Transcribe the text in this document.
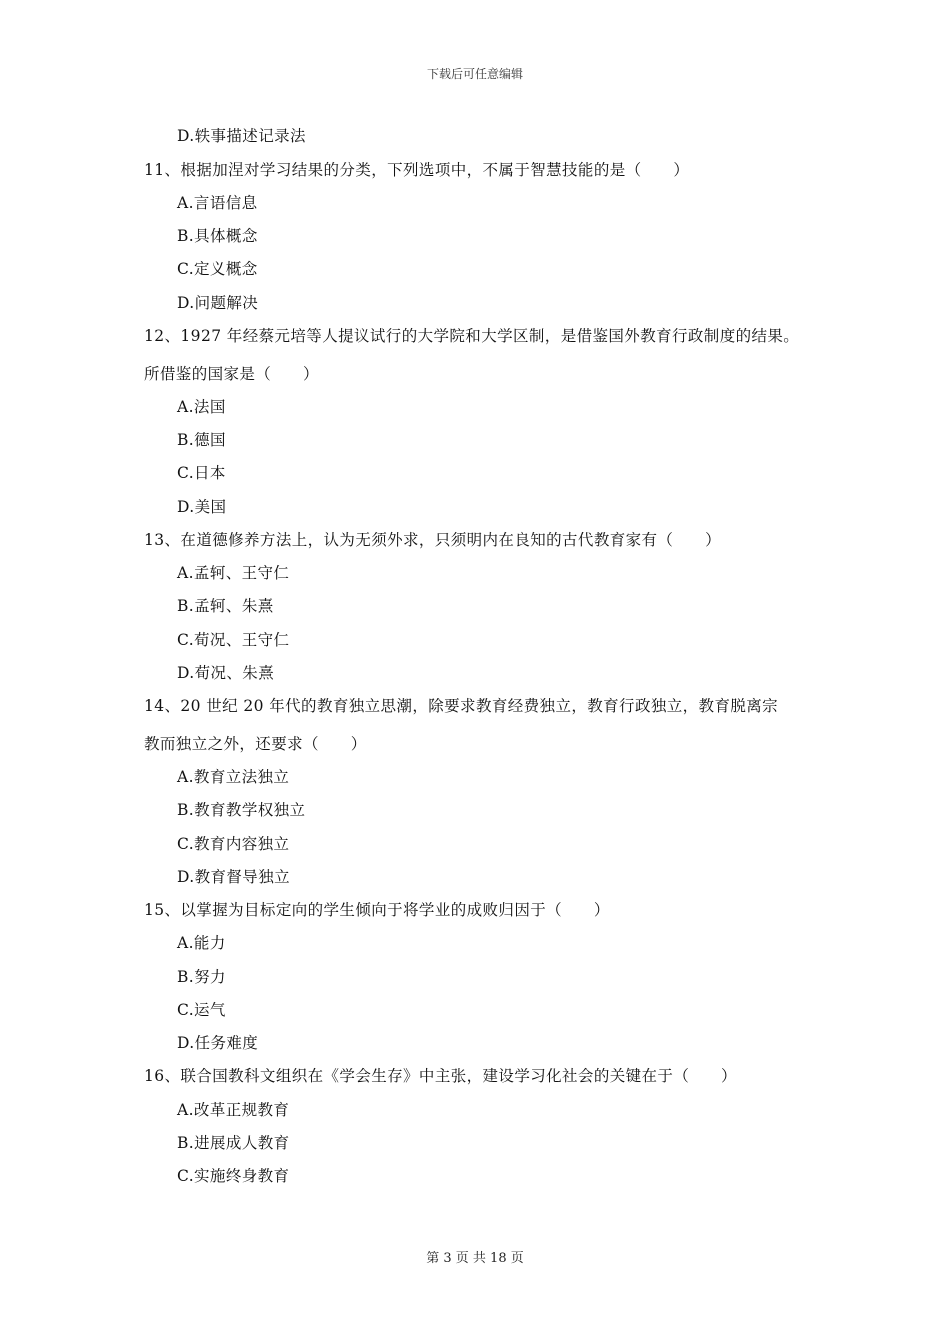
下载后可任意编辑
D.轶事描述记录法
11、根据加涅对学习结果的分类，下列选项中，不属于智慧技能的是（　　）
A.言语信息
B.具体概念
C.定义概念
D.问题解决
12、1927 年经蔡元培等人提议试行的大学院和大学区制，是借鉴国外教育行政制度的结果。
所借鉴的国家是（　　）
A.法国
B.德国
C.日本
D.美国
13、在道德修养方法上，认为无须外求，只须明内在良知的古代教育家有（　　）
A.孟轲、王守仁
B.孟轲、朱熹
C.荀况、王守仁
D.荀况、朱熹
14、20 世纪 20 年代的教育独立思潮，除要求教育经费独立，教育行政独立，教育脱离宗
教而独立之外，还要求（　　）
A.教育立法独立
B.教育教学权独立
C.教育内容独立
D.教育督导独立
15、以掌握为目标定向的学生倾向于将学业的成败归因于（　　）
A.能力
B.努力
C.运气
D.任务难度
16、联合国教科文组织在《学会生存》中主张，建设学习化社会的关键在于（　　）
A.改革正规教育
B.进展成人教育
C.实施终身教育
第 3 页 共 18 页
